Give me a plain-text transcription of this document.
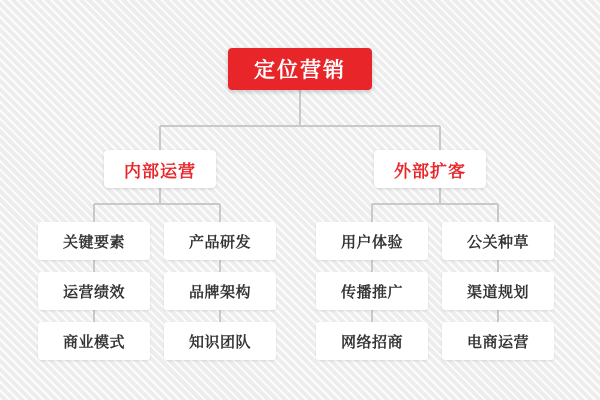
定位营销
内部运营	外部扩客
关键要素	产品研发	用户体验	公关种草
运营绩效	品牌架构	传播推广	渠道规划
商业模式	知识团队	网络招商	电商运营
